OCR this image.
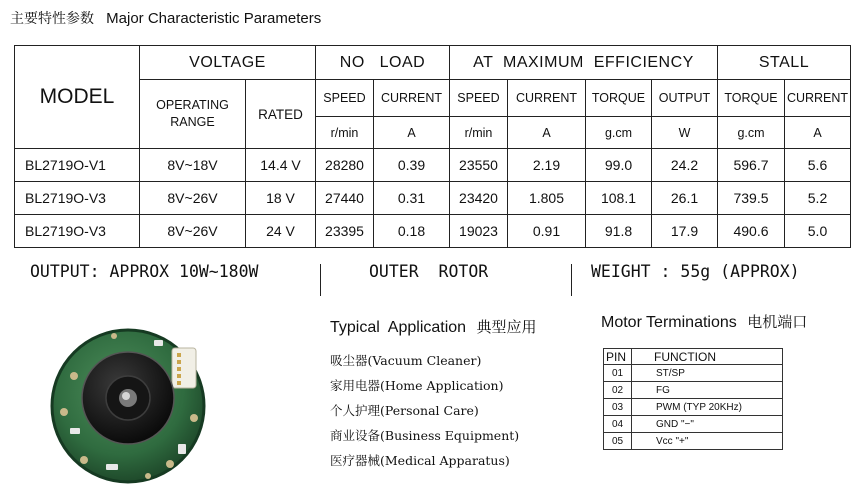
主要特性参数 Major Characteristic Parameters
MODEL	VOLTAGE		NO   LOAD		AT  MAXIMUM  EFFICIENCY				STALL	
	OPERATING RANGE	RATED	SPEED	CURRENT	SPEED	CURRENT	TORQUE	OUTPUT	TORQUE	CURRENT
			r/min	A	r/min	A	g.cm	W	g.cm	A
BL2719O-V1	8V~18V	14.4 V	28280	0.39	23550	2.19	99.0	24.2	596.7	5.6
BL2719O-V3	8V~26V	18 V	27440	0.31	23420	1.805	108.1	26.1	739.5	5.2
BL2719O-V3	8V~26V	24 V	23395	0.18	19023	0.91	91.8	17.9	490.6	5.0
OUTPUT: APPROX 10W~180W	OUTER  ROTOR	WEIGHT : 55g (APPROX)
Typical  Application 典型应用
吸尘器(Vacuum Cleaner)
家用电器(Home Application)
个人护理(Personal Care)
商业设备(Business Equipment)
医疗器械(Medical Apparatus)
Motor Terminations 电机端口
PIN	FUNCTION
01	ST/SP
02	FG
03	PWM (TYP 20KHz)
04	GND "−"
05	Vcc "+"
